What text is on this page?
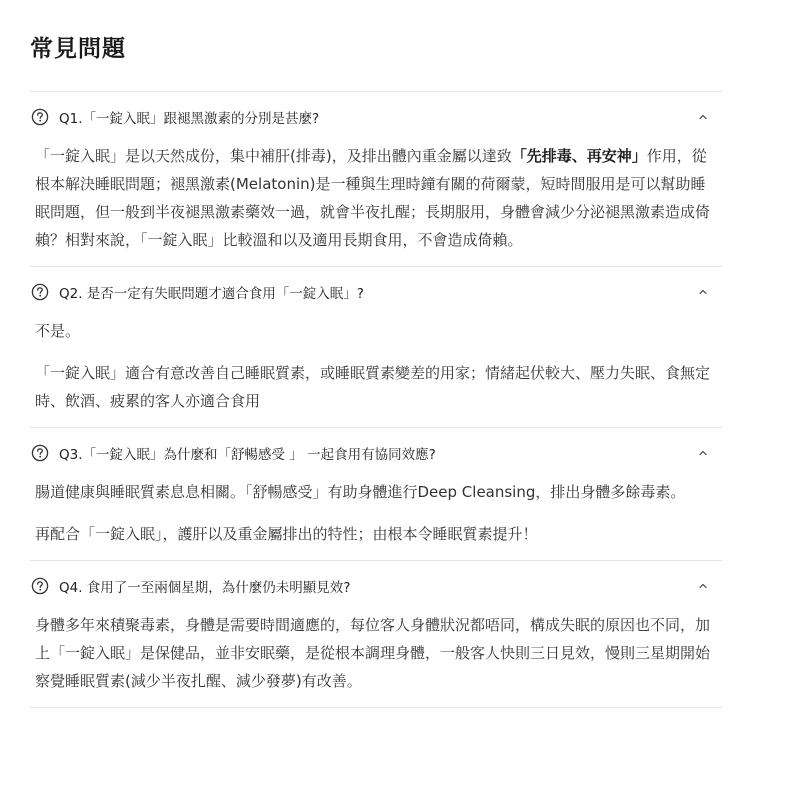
常見問題
Q1.「一錠入眠」跟褪黑激素的分別是甚麼?

「一錠入眠」是以天然成份，集中補肝(排毒)，及排出體內重金屬以達致「先排毒、再安神」作用，從根本解決睡眠問題；褪黑激素(Melatonin)是一種與生理時鐘有關的荷爾蒙，短時間服用是可以幫助睡眠問題，但一般到半夜褪黑激素藥效一過，就會半夜扎醒；長期服用，身體會減少分泌褪黑激素造成倚賴？相對來說，「一錠入眠」比較溫和以及適用長期食用，不會造成倚賴。

Q2. 是否一定有失眠問題才適合食用「一錠入眠」?

不是。

「一錠入眠」適合有意改善自己睡眠質素，或睡眠質素變差的用家；情緒起伏較大、壓力失眠、食無定時、飲酒、疲累的客人亦適合食用

Q3.「一錠入眠」為什麼和「舒暢感受 」 一起食用有協同效應?

腸道健康與睡眠質素息息相關。「舒暢感受」有助身體進行Deep Cleansing，排出身體多餘毒素。

再配合「一錠入眠」，護肝以及重金屬排出的特性；由根本令睡眠質素提升！

Q4. 食用了一至兩個星期，為什麼仍未明顯見效?

身體多年來積聚毒素，身體是需要時間適應的，每位客人身體狀況都唔同，構成失眠的原因也不同，加上「一錠入眠」是保健品，並非安眠藥，是從根本調理身體，一般客人快則三日見效，慢則三星期開始察覺睡眠質素(減少半夜扎醒、減少發夢)有改善。
